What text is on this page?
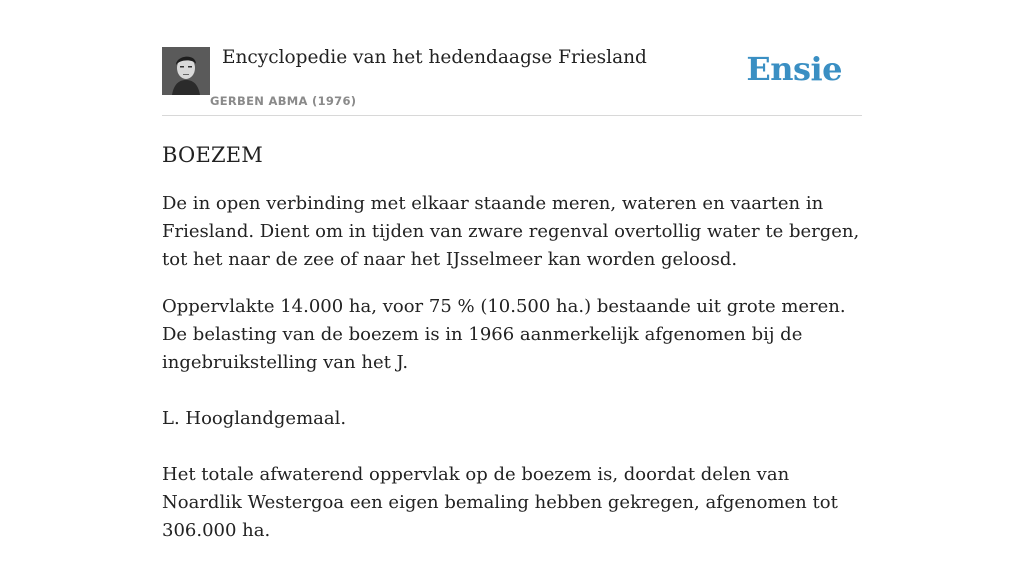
Encyclopedie van het hedendaagse Friesland
GERBEN ABMA (1976)
Ensie
BOEZEM

De in open verbinding met elkaar staande meren, wateren en vaarten in Friesland. Dient om in tijden van zware regenval overtollig water te bergen, tot het naar de zee of naar het IJsselmeer kan worden geloosd.

Oppervlakte 14.000 ha, voor 75 % (10.500 ha.) bestaande uit grote meren. De belasting van de boezem is in 1966 aanmerkelijk afgenomen bij de ingebruikstelling van het J.

L. Hooglandgemaal.

Het totale afwaterend oppervlak op de boezem is, doordat delen van Noardlik Westergoa een eigen bemaling hebben gekregen, afgenomen tot 306.000 ha.
